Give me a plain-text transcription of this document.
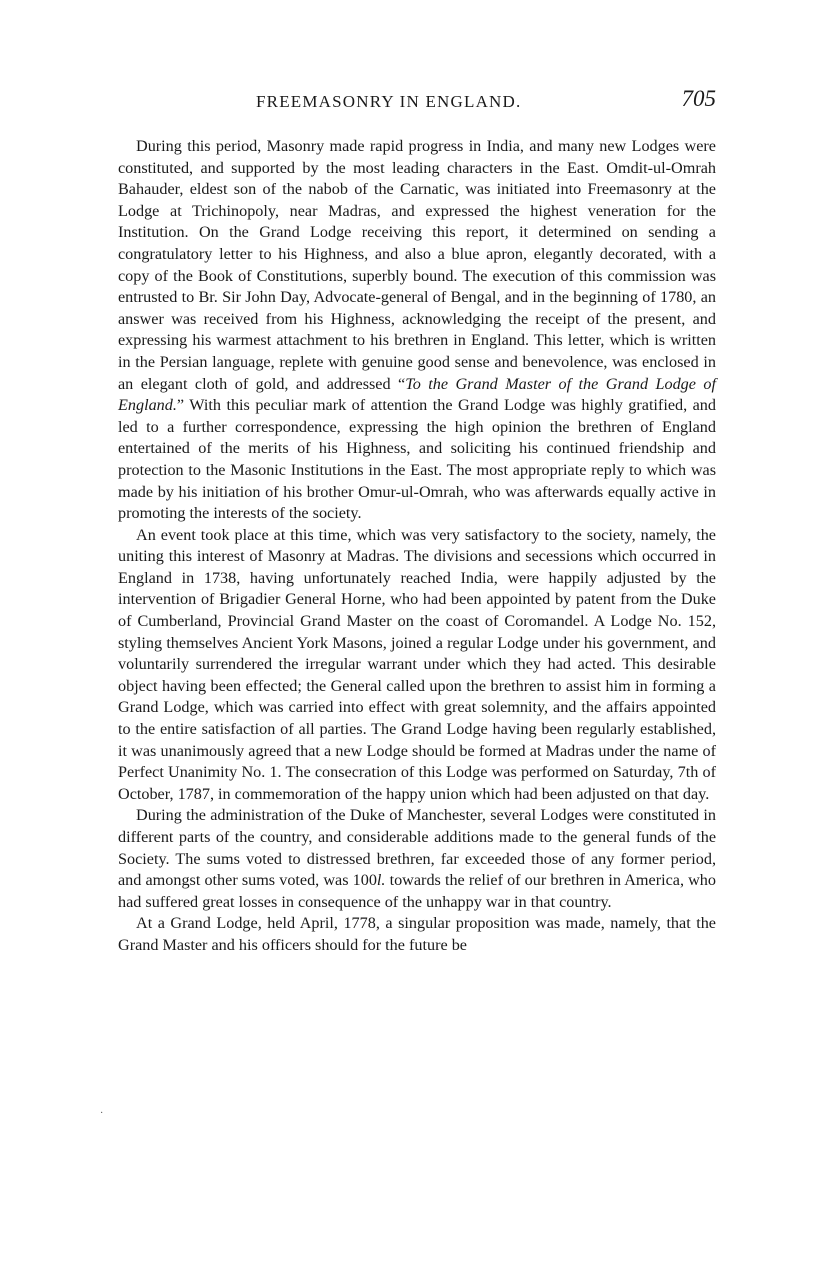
FREEMASONRY IN ENGLAND.	705

During this period, Masonry made rapid progress in India, and many new Lodges were constituted, and supported by the most leading characters in the East. Omdit-ul-Omrah Bahauder, eldest son of the nabob of the Carnatic, was initiated into Freemasonry at the Lodge at Trichinopoly, near Madras, and expressed the highest veneration for the Institution. On the Grand Lodge receiving this report, it determined on sending a congratulatory letter to his Highness, and also a blue apron, elegantly decorated, with a copy of the Book of Constitutions, superbly bound. The execution of this commission was entrusted to Br. Sir John Day, Advocate-general of Bengal, and in the beginning of 1780, an answer was received from his Highness, acknowledging the receipt of the present, and expressing his warmest attachment to his brethren in England. This letter, which is written in the Persian language, replete with genuine good sense and benevolence, was enclosed in an elegant cloth of gold, and addressed “To the Grand Master of the Grand Lodge of England.” With this peculiar mark of attention the Grand Lodge was highly gratified, and led to a further correspondence, expressing the high opinion the brethren of England entertained of the merits of his Highness, and soliciting his continued friendship and protection to the Masonic Institutions in the East. The most appropriate reply to which was made by his initiation of his brother Omur-ul-Omrah, who was afterwards equally active in promoting the interests of the society.

An event took place at this time, which was very satisfactory to the society, namely, the uniting this interest of Masonry at Madras. The divisions and secessions which occurred in England in 1738, having unfortunately reached India, were happily adjusted by the intervention of Brigadier General Horne, who had been appointed by patent from the Duke of Cumberland, Provincial Grand Master on the coast of Coromandel. A Lodge No. 152, styling themselves Ancient York Masons, joined a regular Lodge under his government, and voluntarily surrendered the irregular warrant under which they had acted. This desirable object having been effected; the General called upon the brethren to assist him in forming a Grand Lodge, which was carried into effect with great solemnity, and the affairs appointed to the entire satisfaction of all parties. The Grand Lodge having been regularly established, it was unanimously agreed that a new Lodge should be formed at Madras under the name of Perfect Unanimity No. 1. The consecration of this Lodge was performed on Saturday, 7th of October, 1787, in commemoration of the happy union which had been adjusted on that day.

During the administration of the Duke of Manchester, several Lodges were constituted in different parts of the country, and considerable additions made to the general funds of the Society. The sums voted to distressed brethren, far exceeded those of any former period, and amongst other sums voted, was 100l. towards the relief of our brethren in America, who had suffered great losses in consequence of the unhappy war in that country.

At a Grand Lodge, held April, 1778, a singular proposition was made, namely, that the Grand Master and his officers should for the future be

·
